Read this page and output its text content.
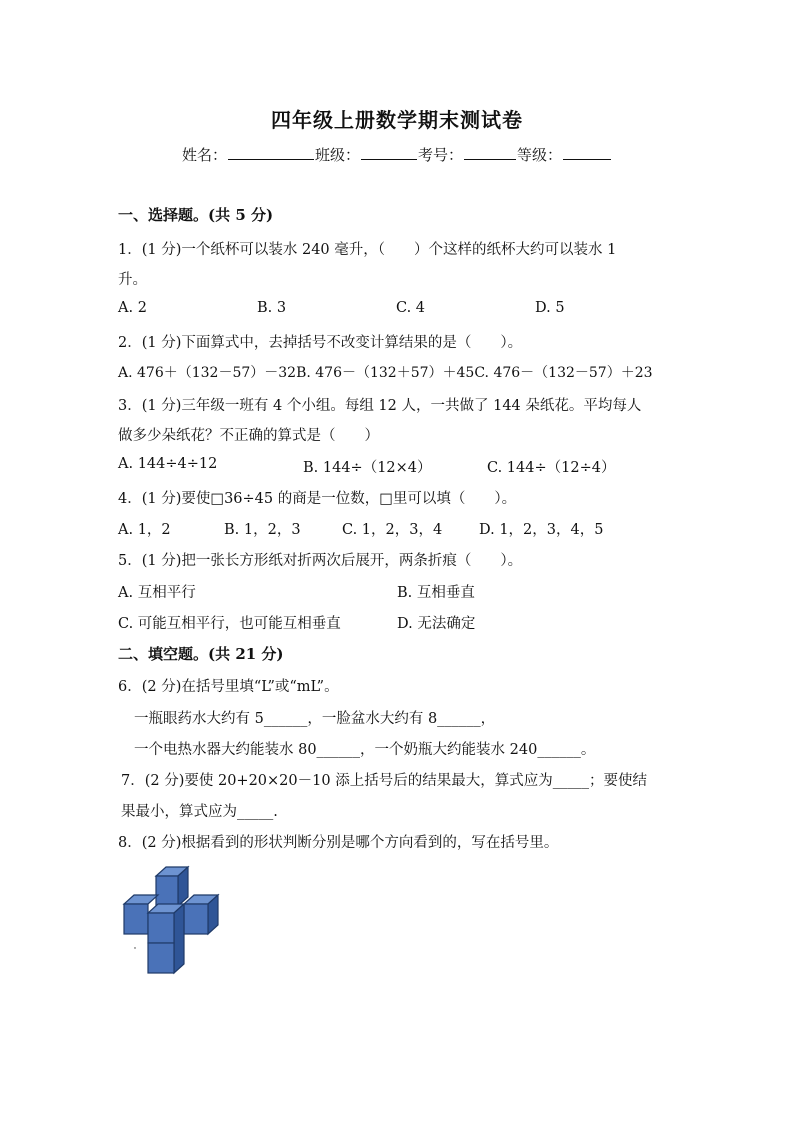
四年级上册数学期末测试卷
姓名：	班级：	考号：	等级：
一、选择题。(共 5 分)
1．(1 分)一个纸杯可以装水 240 毫升，（　　）个这样的纸杯大约可以装水 1
升。
A. 2	B. 3	C. 4	D. 5
2．(1 分)下面算式中，去掉括号不改变计算结果的是（　　）。
A. 476＋（132－57）－32B. 476－（132＋57）＋45C. 476－（132－57）＋23
3．(1 分)三年级一班有 4 个小组。每组 12 人，一共做了 144 朵纸花。平均每人
做多少朵纸花？不正确的算式是（　　）
A. 144÷4÷12	B. 144÷（12×4）	C. 144÷（12÷4）
4．(1 分)要使□36÷45 的商是一位数，□里可以填（　　）。
A. 1，2	B. 1，2，3	C. 1，2，3，4	D. 1，2，3，4，5
5．(1 分)把一张长方形纸对折两次后展开，两条折痕（　　）。
A. 互相平行	B. 互相垂直
C. 可能互相平行，也可能互相垂直	D. 无法确定
二、填空题。(共 21 分)
6．(2 分)在括号里填“L”或“mL”。
一瓶眼药水大约有 5______，一脸盆水大约有 8______，
一个电热水器大约能装水 80______，一个奶瓶大约能装水 240______。
7．(2 分)要使 20+20×20－10 添上括号后的结果最大，算式应为_____；要使结
果最小，算式应为_____.
8．(2 分)根据看到的形状判断分别是哪个方向看到的，写在括号里。
